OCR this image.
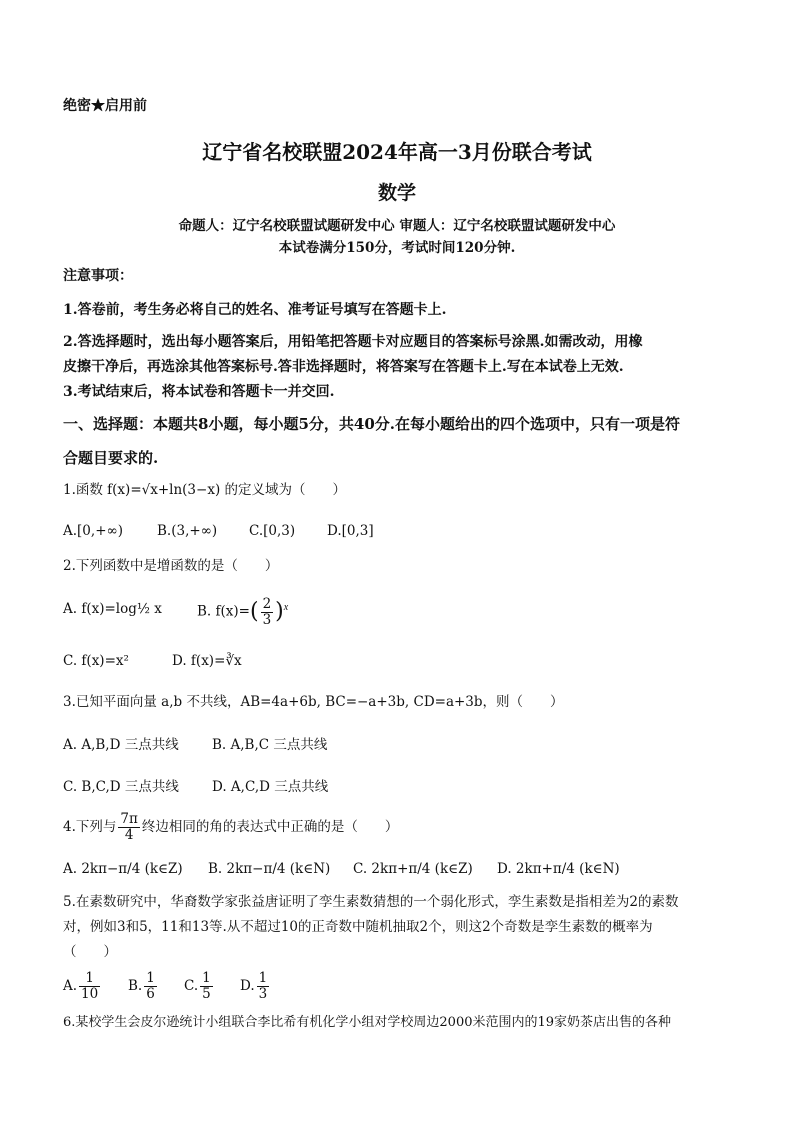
绝密★启用前
辽宁省名校联盟2024年高一3月份联合考试
数学
命题人：辽宁名校联盟试题研发中心 审题人：辽宁名校联盟试题研发中心
本试卷满分150分，考试时间120分钟.
注意事项：
1.答卷前，考生务必将自己的姓名、准考证号填写在答题卡上.
2.答选择题时，选出每小题答案后，用铅笔把答题卡对应题目的答案标号涂黑.如需改动，用橡
皮擦干净后，再选涂其他答案标号.答非选择题时，将答案写在答题卡上.写在本试卷上无效.
3.考试结束后，将本试卷和答题卡一并交回.
一、选择题：本题共8小题，每小题5分，共40分.在每小题给出的四个选项中，只有一项是符
合题目要求的.
1.函数 f(x)=√x+ln(3−x) 的定义域为（　　）
A.[0,+∞)	B.(3,+∞) C.[0,3) D.[0,3]
2.下列函数中是增函数的是（　　）
A. f(x)=log½ x	B. $f(x)=( \frac{2}{3} )^x$
C. f(x)=x²	D. f(x)=∛x
3.已知平面向量 a,b 不共线，AB=4a+6b, BC=−a+3b, CD=a+3b，则（　　）
A. A,B,D 三点共线 B. A,B,C 三点共线
C. B,C,D 三点共线 D. A,C,D 三点共线
4.下列与 $\frac{7\pi}{4}$ 终边相同的角的表达式中正确的是（　　）
A. 2kπ−π/4 (k∈Z) B. 2kπ−π/4 (k∈N) C. 2kπ+π/4 (k∈Z) D. 2kπ+π/4 (k∈N)
5.在素数研究中，华裔数学家张益唐证明了孪生素数猜想的一个弱化形式，孪生素数是指相差为2的素数
对，例如3和5，11和13等.从不超过10的正奇数中随机抽取2个，则这2个奇数是孪生素数的概率为
（　　）
A. $\frac{1}{10} B$. $\frac{1}{6} C$. $\frac{1}{5} D$. $\frac{1}{3}$
6.某校学生会皮尔逊统计小组联合李比希有机化学小组对学校周边2000米范围内的19家奶茶店出售的各种
